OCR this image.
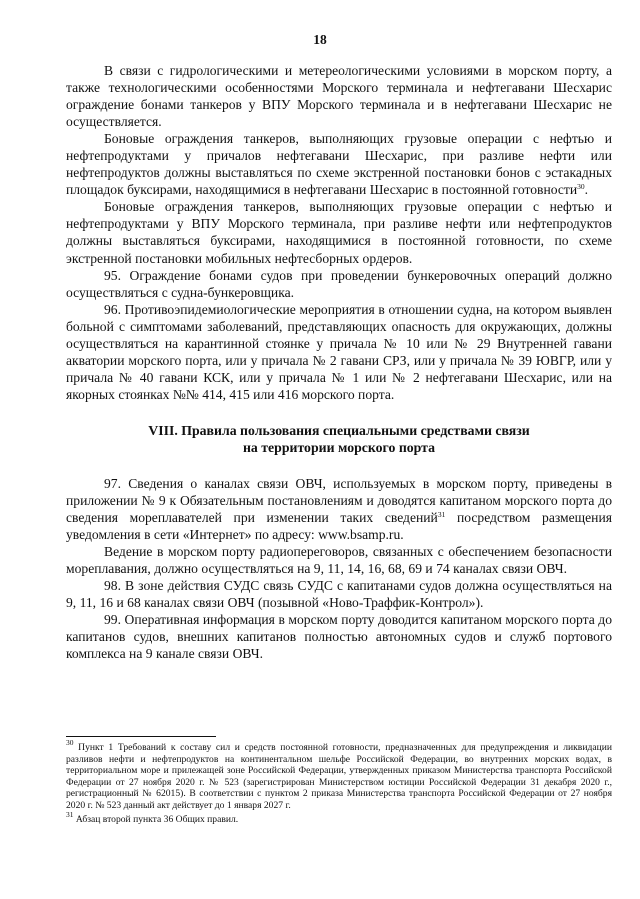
18

В связи с гидрологическими и метереологическими условиями в морском порту, а также технологическими особенностями Морского терминала и нефтегавани Шесхарис ограждение бонами танкеров у ВПУ Морского терминала и в нефтегавани Шесхарис не осуществляется.

Боновые ограждения танкеров, выполняющих грузовые операции с нефтью и нефтепродуктами у причалов нефтегавани Шесхарис, при разливе нефти или нефтепродуктов должны выставляться по схеме экстренной постановки бонов с эстакадных площадок буксирами, находящимися в нефтегавани Шесхарис в постоянной готовности$^{30}$.

Боновые ограждения танкеров, выполняющих грузовые операции с нефтью и нефтепродуктами у ВПУ Морского терминала, при разливе нефти или нефтепродуктов должны выставляться буксирами, находящимися в постоянной готовности, по схеме экстренной постановки мобильных нефтесборных ордеров.

95. Ограждение бонами судов при проведении бункеровочных операций должно осуществляться с судна-бункеровщика.

96. Противоэпидемиологические мероприятия в отношении судна, на котором выявлен больной с симптомами заболеваний, представляющих опасность для окружающих, должны осуществляться на карантинной стоянке у причала № 10 или № 29 Внутренней гавани акватории морского порта, или у причала № 2 гавани СРЗ, или у причала № 39 ЮВГР, или у причала № 40 гавани КСК, или у причала № 1 или № 2 нефтегавани Шесхарис, или на якорных стоянках №№ 414, 415 или 416 морского порта.

VIII. Правила пользования специальными средствами связи
на территории морского порта

97. Сведения о каналах связи ОВЧ, используемых в морском порту, приведены в приложении № 9 к Обязательным постановлениям и доводятся капитаном морского порта до сведения мореплавателей при изменении таких сведений$^{31}$ посредством размещения уведомления в сети «Интернет» по адресу: www.bsamp.ru.

Ведение в морском порту радиопереговоров, связанных с обеспечением безопасности мореплавания, должно осуществляться на 9, 11, 14, 16, 68, 69 и 74 каналах связи ОВЧ.

98. В зоне действия СУДС связь СУДС с капитанами судов должна осуществляться на 9, 11, 16 и 68 каналах связи ОВЧ (позывной «Ново-Траффик-Контрол»).

99. Оперативная информация в морском порту доводится капитаном морского порта до капитанов судов, внешних капитанов полностью автономных судов и служб портового комплекса на 9 канале связи ОВЧ.

$^{30}$ Пункт 1 Требований к составу сил и средств постоянной готовности, предназначенных для предупреждения и ликвидации разливов нефти и нефтепродуктов на континентальном шельфе Российской Федерации, во внутренних морских водах, в территориальном море и прилежащей зоне Российской Федерации, утвержденных приказом Министерства транспорта Российской Федерации от 27 ноября 2020 г. № 523 (зарегистрирован Министерством юстиции Российской Федерации 31 декабря 2020 г., регистрационный № 62015). В соответствии с пунктом 2 приказа Министерства транспорта Российской Федерации от 27 ноября 2020 г. № 523 данный акт действует до 1 января 2027 г.

$^{31}$ Абзац второй пункта 36 Общих правил.
